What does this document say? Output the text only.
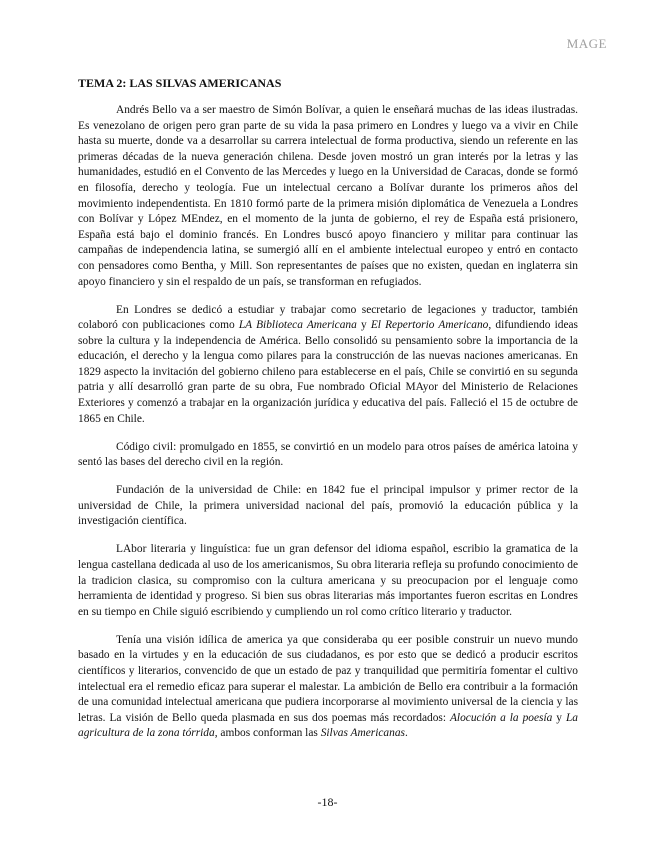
MAGE
TEMA 2: LAS SILVAS AMERICANAS

Andrés Bello va a ser maestro de Simón Bolívar, a quien le enseñará muchas de las ideas ilustradas. Es venezolano de origen pero gran parte de su vida la pasa primero en Londres y luego va a vivir en Chile hasta su muerte, donde va a desarrollar su carrera intelectual de forma productiva, siendo un referente en las primeras décadas de la nueva generación chilena. Desde joven mostró un gran interés por la letras y las humanidades, estudió en el Convento de las Mercedes y luego en la Universidad de Caracas, donde se formó en filosofía, derecho y teología. Fue un intelectual cercano a Bolívar durante los primeros años del movimiento independentista. En 1810 formó parte de la primera misión diplomática de Venezuela a Londres con Bolívar y López MEndez, en el momento de la junta de gobierno, el rey de España está prisionero, España está bajo el dominio francés. En Londres buscó apoyo financiero y militar para continuar las campañas de independencia latina, se sumergió allí en el ambiente intelectual europeo y entró en contacto con pensadores como Bentha, y Mill. Son representantes de países que no existen, quedan en inglaterra sin apoyo financiero y sin el respaldo de un país, se transforman en refugiados.

En Londres se dedicó a estudiar y trabajar como secretario de legaciones y traductor, también colaboró con publicaciones como LA Biblioteca Americana y El Repertorio Americano, difundiendo ideas sobre la cultura y la independencia de América. Bello consolidó su pensamiento sobre la importancia de la educación, el derecho y la lengua como pilares para la construcción de las nuevas naciones americanas. En 1829 aspecto la invitación del gobierno chileno para establecerse en el país, Chile se convirtió en su segunda patria y allí desarrolló gran parte de su obra, Fue nombrado Oficial MAyor del Ministerio de Relaciones Exteriores y comenzó a trabajar en la organización jurídica y educativa del país. Falleció el 15 de octubre de 1865 en Chile.

Código civil: promulgado en 1855, se convirtió en un modelo para otros países de américa latoina y sentó las bases del derecho civil en la región.

Fundación de la universidad de Chile: en 1842 fue el principal impulsor y primer rector de la universidad de Chile, la primera universidad nacional del país, promovió la educación pública y la investigación científica.

LAbor literaria y linguística: fue un gran defensor del idioma español, escribio la gramatica de la lengua castellana dedicada al uso de los americanismos, Su obra literaria refleja su profundo conocimiento de la tradicion clasica, su compromiso con la cultura americana y su preocupacion por el lenguaje como herramienta de identidad y progreso. Si bien sus obras literarias más importantes fueron escritas en Londres en su tiempo en Chile siguió escribiendo y cumpliendo un rol como crítico literario y traductor.

Tenía una visión idílica de america ya que consideraba qu eer posible construir un nuevo mundo basado en la virtudes y en la educación de sus ciudadanos, es por esto que se dedicó a producir escritos científicos y literarios, convencido de que un estado de paz y tranquilidad que permitiría fomentar el cultivo intelectual era el remedio eficaz para superar el malestar. La ambición de Bello era contribuir a la formación de una comunidad intelectual americana que pudiera incorporarse al movimiento universal de la ciencia y las letras. La visión de Bello queda plasmada en sus dos poemas más recordados: Alocución a la poesía y La agricultura de la zona tórrida, ambos conforman las Silvas Americanas.

-18-
